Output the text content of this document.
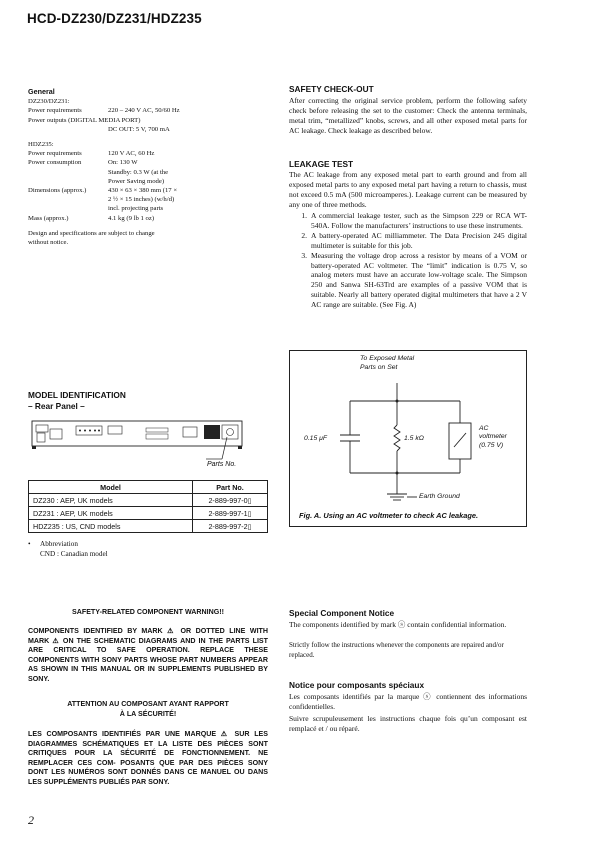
HCD-DZ230/DZ231/HDZ235
General
DZ230/DZ231:
Power requirements	220 – 240 V AC, 50/60 Hz
Power outputs (DIGITAL MEDIA PORT)
DC OUT: 5 V, 700 mA
HDZ235:
Power requirements	120 V AC, 60 Hz
Power consumption	On: 130 W
Standby: 0.3 W (at the
Power Saving mode)
Dimensions (approx.)	430 × 63 × 380 mm (17 ×
2 ½ × 15 inches) (w/h/d)
incl. projecting parts
Mass (approx.)	4.1 kg (9 lb 1 oz)
Design and specifications are subject to change without notice.
MODEL IDENTIFICATION
– Rear Panel –
Parts No.
Model	Part No.
DZ230 : AEP, UK models	2-889-997-0▯
DZ231 : AEP, UK models	2-889-997-1▯
HDZ235 : US, CND models	2-889-997-2▯
•	Abbreviation
CND : Canadian model
SAFETY CHECK-OUT
After correcting the original service problem, perform the following safety check before releasing the set to the customer: Check the antenna terminals, metal trim, “metallized” knobs, screws, and all other exposed metal parts for AC leakage. Check leakage as described below.
LEAKAGE TEST
The AC leakage from any exposed metal part to earth ground and from all exposed metal parts to any exposed metal part having a return to chassis, must not exceed 0.5 mA (500 microamperes.). Leakage current can be measured by any one of three methods.
1. A commercial leakage tester, such as the Simpson 229 or RCA WT-540A. Follow the manufacturers’ instructions to use these instruments.
2. A battery-operated AC milliammeter. The Data Precision 245 digital multimeter is suitable for this job.
3. Measuring the voltage drop across a resistor by means of a VOM or battery-operated AC voltmeter. The “limit” indication is 0.75 V, so analog meters must have an accurate low-voltage scale. The Simpson 250 and Sanwa SH-63Trd are examples of a passive VOM that is suitable. Nearly all battery operated digital multimeters that have a 2 V AC range are suitable. (See Fig. A)
To Exposed Metal
Parts on Set
0.15 μF	1.5 kΩ
AC
voltmeter
(0.75 V)
Earth Ground
Fig. A. Using an AC voltmeter to check AC leakage.
SAFETY-RELATED COMPONENT WARNING!!
COMPONENTS IDENTIFIED BY MARK ⚠ OR DOTTED LINE WITH MARK ⚠ ON THE SCHEMATIC DIAGRAMS AND IN THE PARTS LIST ARE CRITICAL TO SAFE OPERATION. REPLACE THESE COMPONENTS WITH SONY PARTS WHOSE PART NUMBERS APPEAR AS SHOWN IN THIS MANUAL OR IN SUPPLEMENTS PUBLISHED BY SONY.
ATTENTION AU COMPOSANT AYANT RAPPORT
À LA SÉCURITÉ!
LES COMPOSANTS IDENTIFIÉS PAR UNE MARQUE ⚠ SUR LES DIAGRAMMES SCHÉMATIQUES ET LA LISTE DES PIÈCES SONT CRITIQUES POUR LA SÉCURITÉ DE FONCTIONNEMENT. NE REMPLACER CES COM- POSANTS QUE PAR DES PIÈCES SONY DONT LES NUMÉROS SONT DONNÉS DANS CE MANUEL OU DANS LES SUPPLÉMENTS PUBLIÉS PAR SONY.
Special Component Notice
The components identified by mark ⓢ contain confidential information.
Strictly follow the instructions whenever the components are repaired and/or replaced.
Notice pour composants spéciaux
Les composants identifiés par la marque ⓢ contiennent des informations confidentielles.
Suivre scrupuleusement les instructions chaque fois qu’un composant est remplacé et / ou réparé.
2
